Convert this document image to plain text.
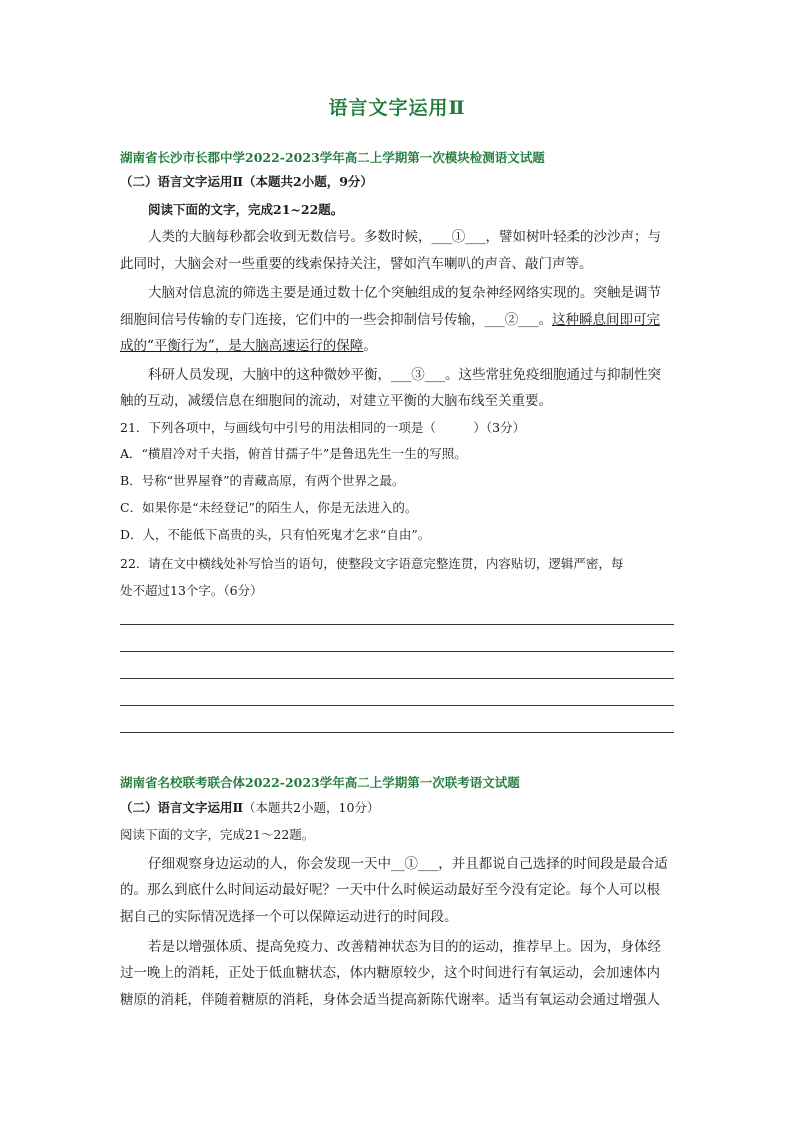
语言文字运用Ⅱ
湖南省长沙市长郡中学2022-2023学年高二上学期第一次模块检测语文试题
（二）语言文字运用Ⅱ（本题共2小题，9分）
阅读下面的文字，完成21~22题。
人类的大脑每秒都会收到无数信号。多数时候，___①___，譬如树叶轻柔的沙沙声；与
此同时，大脑会对一些重要的线索保持关注，譬如汽车喇叭的声音、敲门声等。
大脑对信息流的筛选主要是通过数十亿个突触组成的复杂神经网络实现的。突触是调节
细胞间信号传输的专门连接，它们中的一些会抑制信号传输，___②___。这种瞬息间即可完
成的“平衡行为”，是大脑高速运行的保障。
科研人员发现，大脑中的这种微妙平衡，___③___。这些常驻免疫细胞通过与抑制性突
触的互动，减缓信息在细胞间的流动，对建立平衡的大脑布线至关重要。
21．下列各项中，与画线句中引号的用法相同的一项是（　　　）（3分）
A．“横眉冷对千夫指，俯首甘孺子牛”是鲁迅先生一生的写照。
B．号称“世界屋脊”的青藏高原，有两个世界之最。
C．如果你是“未经登记”的陌生人，你是无法进入的。
D．人，不能低下高贵的头，只有怕死鬼才乞求“自由”。
22．请在文中横线处补写恰当的语句，使整段文字语意完整连贯，内容贴切，逻辑严密，每
处不超过13个字。（6分）
湖南省名校联考联合体2022-2023学年高二上学期第一次联考语文试题
（二）语言文字运用Ⅱ（本题共2小题，10分）
阅读下面的文字，完成21～22题。
仔细观察身边运动的人，你会发现一天中__①___，并且都说自己选择的时间段是最合适
的。那么到底什么时间运动最好呢？一天中什么时候运动最好至今没有定论。每个人可以根
据自己的实际情况选择一个可以保障运动进行的时间段。
若是以增强体质、提高免疫力、改善精神状态为目的的运动，推荐早上。因为，身体经
过一晚上的消耗，正处于低血糖状态，体内糖原较少，这个时间进行有氧运动，会加速体内
糖原的消耗，伴随着糖原的消耗，身体会适当提高新陈代谢率。适当有氧运动会通过增强人
